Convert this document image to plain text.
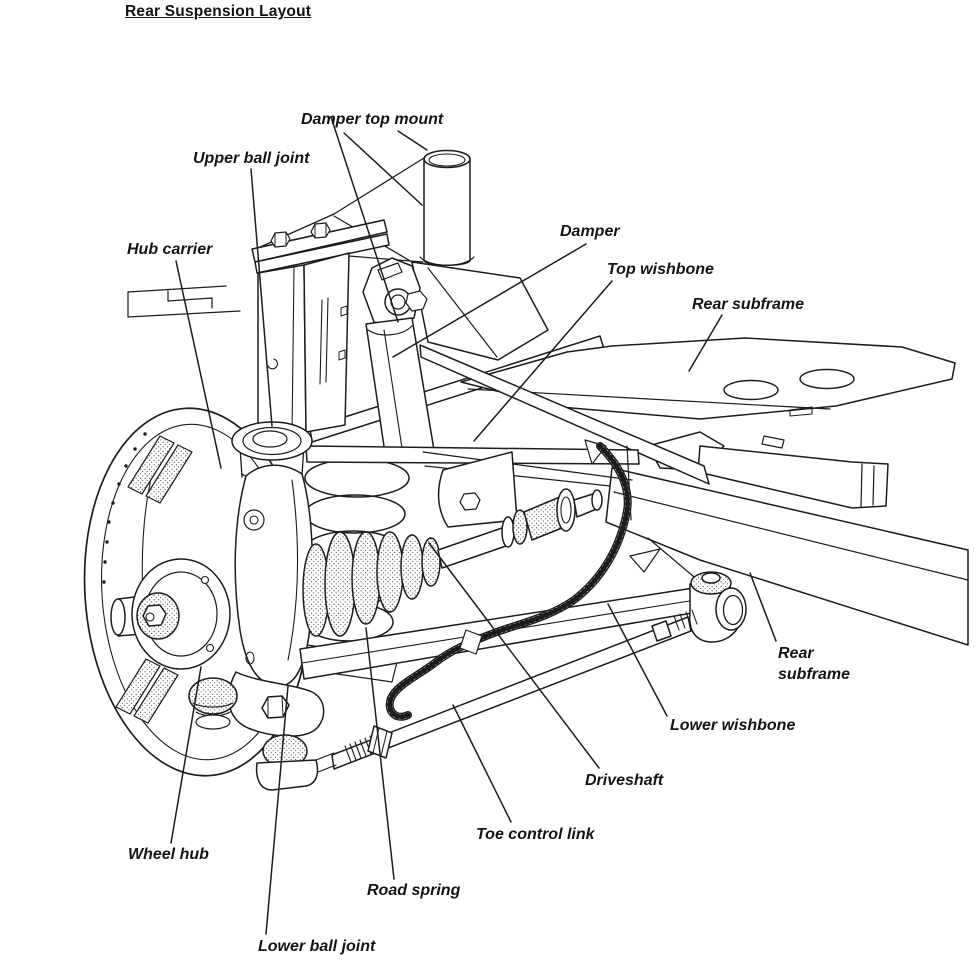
Rear Suspension Layout
Damper top mount
Upper ball joint
Hub carrier
Damper
Top wishbone
Rear subframe
Rear subframe
Lower wishbone
Driveshaft
Toe control link
Road spring
Lower ball joint
Wheel hub
